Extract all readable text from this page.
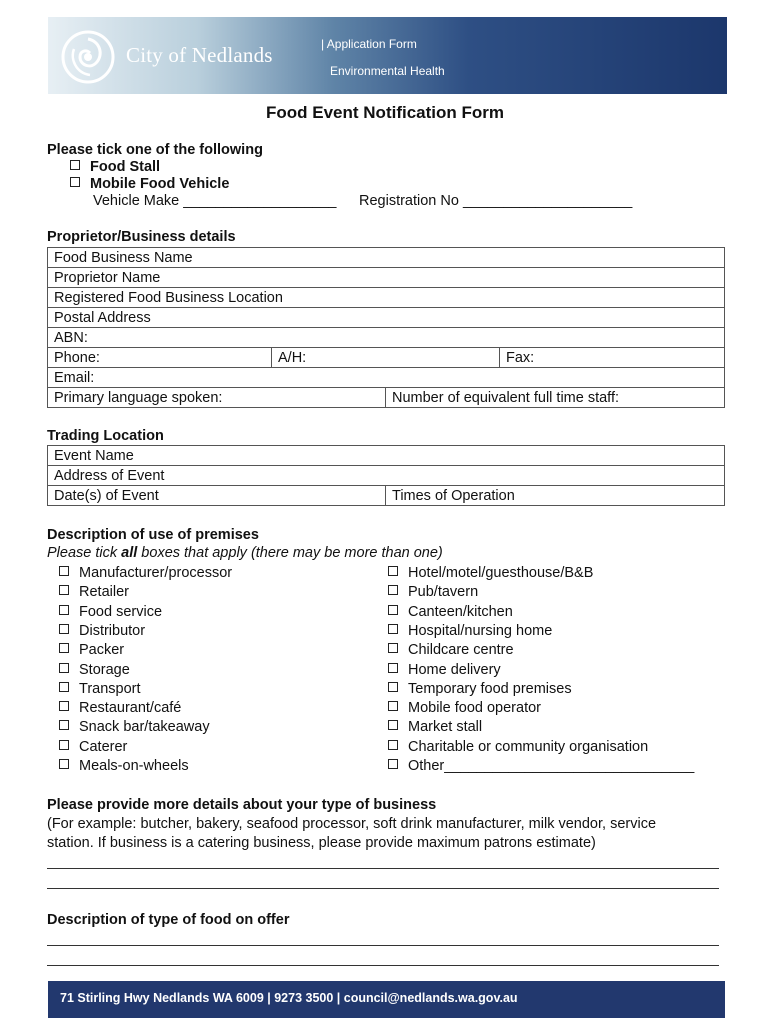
City of Nedlands	| Application Form
Environmental Health
Food Event Notification Form
Please tick one of the following
Food Stall
Mobile Food Vehicle
Vehicle Make ___________________ Registration No _____________________
Proprietor/Business details
Food Business Name			
Proprietor Name			
Registered Food Business Location			
Postal Address			
ABN:			
Phone:	A/H:		Fax:
Email:			
Primary language spoken:		Number of equivalent full time staff:	
Trading Location
Event Name
Address of Event
Date(s) of Event	Times of Operation
Description of use of premises
Please tick all boxes that apply (there may be more than one)
Manufacturer/processor
Retailer
Food service
Distributor
Packer
Storage
Transport
Restaurant/café
Snack bar/takeaway
Caterer
Meals-on-wheels
Hotel/motel/guesthouse/B&B
Pub/tavern
Canteen/kitchen
Hospital/nursing home
Childcare centre
Home delivery
Temporary food premises
Mobile food operator
Market stall
Charitable or community organisation
Other_______________________________
Please provide more details about your type of business
(For example: butcher, bakery, seafood processor, soft drink manufacturer, milk vendor, service
station. If business is a catering business, please provide maximum patrons estimate)
Description of type of food on offer
71 Stirling Hwy Nedlands WA 6009 | 9273 3500 | council@nedlands.wa.gov.au
